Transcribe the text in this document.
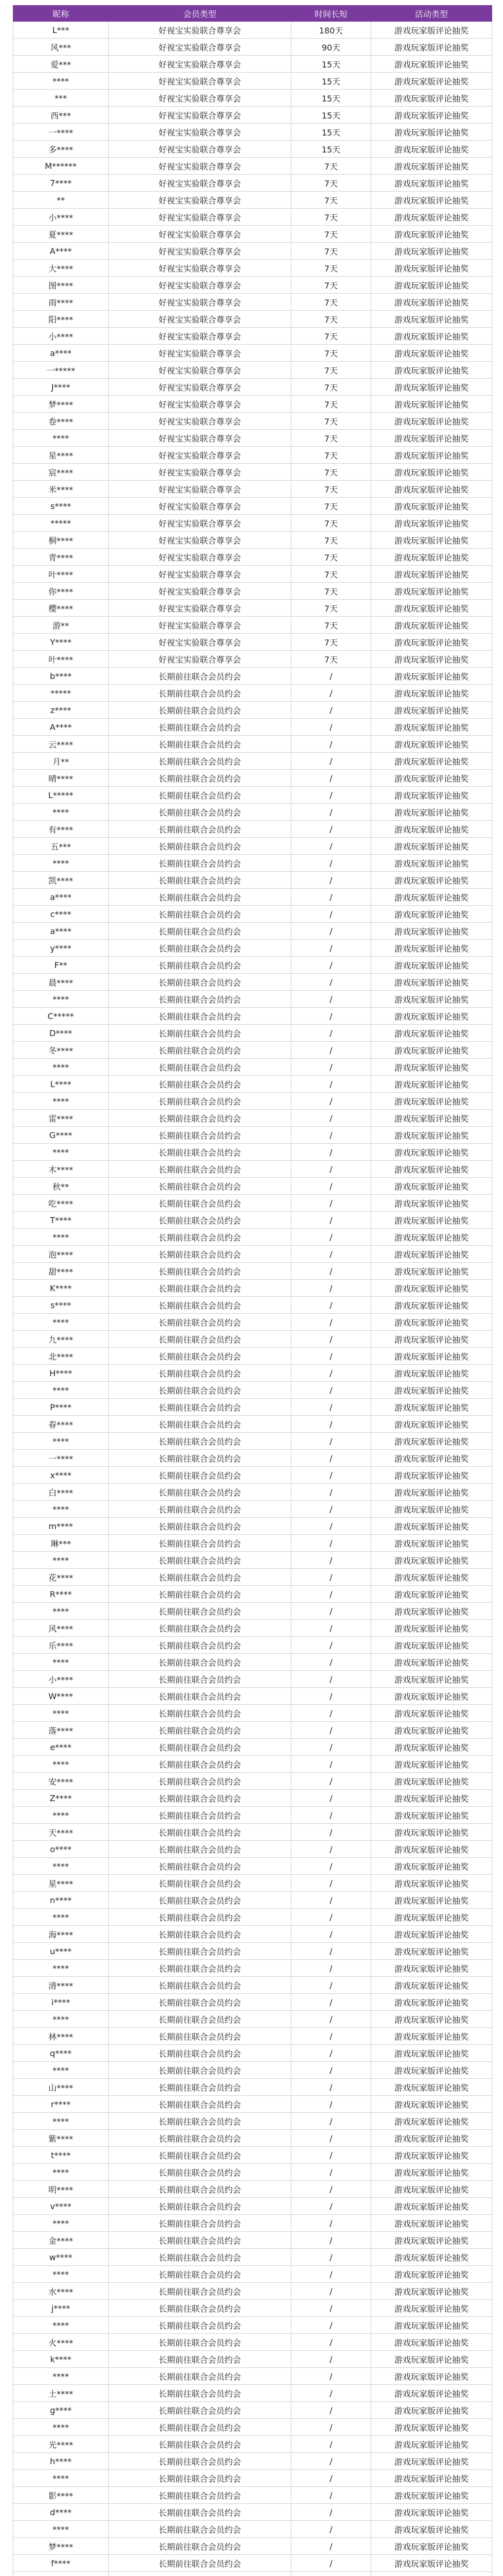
昵称	会员类型	时间长短	活动类型
L***	好视宝实验联合尊享会	180天	游戏玩家版评论抽奖
风***	好视宝实验联合尊享会	90天	游戏玩家版评论抽奖
爱***	好视宝实验联合尊享会	15天	游戏玩家版评论抽奖
****	好视宝实验联合尊享会	15天	游戏玩家版评论抽奖
***	好视宝实验联合尊享会	15天	游戏玩家版评论抽奖
西***	好视宝实验联合尊享会	15天	游戏玩家版评论抽奖
一****	好视宝实验联合尊享会	15天	游戏玩家版评论抽奖
多****	好视宝实验联合尊享会	15天	游戏玩家版评论抽奖
M******	好视宝实验联合尊享会	7天	游戏玩家版评论抽奖
7****	好视宝实验联合尊享会	7天	游戏玩家版评论抽奖
**	好视宝实验联合尊享会	7天	游戏玩家版评论抽奖
小****	好视宝实验联合尊享会	7天	游戏玩家版评论抽奖
夏****	好视宝实验联合尊享会	7天	游戏玩家版评论抽奖
A****	好视宝实验联合尊享会	7天	游戏玩家版评论抽奖
大****	好视宝实验联合尊享会	7天	游戏玩家版评论抽奖
图****	好视宝实验联合尊享会	7天	游戏玩家版评论抽奖
雨****	好视宝实验联合尊享会	7天	游戏玩家版评论抽奖
阳****	好视宝实验联合尊享会	7天	游戏玩家版评论抽奖
小****	好视宝实验联合尊享会	7天	游戏玩家版评论抽奖
a****	好视宝实验联合尊享会	7天	游戏玩家版评论抽奖
一*****	好视宝实验联合尊享会	7天	游戏玩家版评论抽奖
J****	好视宝实验联合尊享会	7天	游戏玩家版评论抽奖
梦****	好视宝实验联合尊享会	7天	游戏玩家版评论抽奖
卷****	好视宝实验联合尊享会	7天	游戏玩家版评论抽奖
****	好视宝实验联合尊享会	7天	游戏玩家版评论抽奖
星****	好视宝实验联合尊享会	7天	游戏玩家版评论抽奖
宸****	好视宝实验联合尊享会	7天	游戏玩家版评论抽奖
米****	好视宝实验联合尊享会	7天	游戏玩家版评论抽奖
s****	好视宝实验联合尊享会	7天	游戏玩家版评论抽奖
*****	好视宝实验联合尊享会	7天	游戏玩家版评论抽奖
桐****	好视宝实验联合尊享会	7天	游戏玩家版评论抽奖
青****	好视宝实验联合尊享会	7天	游戏玩家版评论抽奖
叶****	好视宝实验联合尊享会	7天	游戏玩家版评论抽奖
你****	好视宝实验联合尊享会	7天	游戏玩家版评论抽奖
樱****	好视宝实验联合尊享会	7天	游戏玩家版评论抽奖
游**	好视宝实验联合尊享会	7天	游戏玩家版评论抽奖
Y****	好视宝实验联合尊享会	7天	游戏玩家版评论抽奖
叶****	好视宝实验联合尊享会	7天	游戏玩家版评论抽奖
b****	长期前往联合会员约会	/	游戏玩家版评论抽奖
*****	长期前往联合会员约会	/	游戏玩家版评论抽奖
z****	长期前往联合会员约会	/	游戏玩家版评论抽奖
A****	长期前往联合会员约会	/	游戏玩家版评论抽奖
云****	长期前往联合会员约会	/	游戏玩家版评论抽奖
月**	长期前往联合会员约会	/	游戏玩家版评论抽奖
晴****	长期前往联合会员约会	/	游戏玩家版评论抽奖
L*****	长期前往联合会员约会	/	游戏玩家版评论抽奖
****	长期前往联合会员约会	/	游戏玩家版评论抽奖
有****	长期前往联合会员约会	/	游戏玩家版评论抽奖
五***	长期前往联合会员约会	/	游戏玩家版评论抽奖
****	长期前往联合会员约会	/	游戏玩家版评论抽奖
凯****	长期前往联合会员约会	/	游戏玩家版评论抽奖
a****	长期前往联合会员约会	/	游戏玩家版评论抽奖
c****	长期前往联合会员约会	/	游戏玩家版评论抽奖
a****	长期前往联合会员约会	/	游戏玩家版评论抽奖
y****	长期前往联合会员约会	/	游戏玩家版评论抽奖
F**	长期前往联合会员约会	/	游戏玩家版评论抽奖
晨****	长期前往联合会员约会	/	游戏玩家版评论抽奖
****	长期前往联合会员约会	/	游戏玩家版评论抽奖
C*****	长期前往联合会员约会	/	游戏玩家版评论抽奖
D****	长期前往联合会员约会	/	游戏玩家版评论抽奖
冬****	长期前往联合会员约会	/	游戏玩家版评论抽奖
****	长期前往联合会员约会	/	游戏玩家版评论抽奖
L****	长期前往联合会员约会	/	游戏玩家版评论抽奖
****	长期前往联合会员约会	/	游戏玩家版评论抽奖
雷****	长期前往联合会员约会	/	游戏玩家版评论抽奖
G****	长期前往联合会员约会	/	游戏玩家版评论抽奖
****	长期前往联合会员约会	/	游戏玩家版评论抽奖
木****	长期前往联合会员约会	/	游戏玩家版评论抽奖
秋**	长期前往联合会员约会	/	游戏玩家版评论抽奖
吃****	长期前往联合会员约会	/	游戏玩家版评论抽奖
T****	长期前往联合会员约会	/	游戏玩家版评论抽奖
****	长期前往联合会员约会	/	游戏玩家版评论抽奖
泡****	长期前往联合会员约会	/	游戏玩家版评论抽奖
甜****	长期前往联合会员约会	/	游戏玩家版评论抽奖
K****	长期前往联合会员约会	/	游戏玩家版评论抽奖
s****	长期前往联合会员约会	/	游戏玩家版评论抽奖
****	长期前往联合会员约会	/	游戏玩家版评论抽奖
九****	长期前往联合会员约会	/	游戏玩家版评论抽奖
北****	长期前往联合会员约会	/	游戏玩家版评论抽奖
H****	长期前往联合会员约会	/	游戏玩家版评论抽奖
****	长期前往联合会员约会	/	游戏玩家版评论抽奖
P****	长期前往联合会员约会	/	游戏玩家版评论抽奖
春****	长期前往联合会员约会	/	游戏玩家版评论抽奖
****	长期前往联合会员约会	/	游戏玩家版评论抽奖
一****	长期前往联合会员约会	/	游戏玩家版评论抽奖
x****	长期前往联合会员约会	/	游戏玩家版评论抽奖
白****	长期前往联合会员约会	/	游戏玩家版评论抽奖
****	长期前往联合会员约会	/	游戏玩家版评论抽奖
m****	长期前往联合会员约会	/	游戏玩家版评论抽奖
琳***	长期前往联合会员约会	/	游戏玩家版评论抽奖
****	长期前往联合会员约会	/	游戏玩家版评论抽奖
花****	长期前往联合会员约会	/	游戏玩家版评论抽奖
R****	长期前往联合会员约会	/	游戏玩家版评论抽奖
****	长期前往联合会员约会	/	游戏玩家版评论抽奖
风****	长期前往联合会员约会	/	游戏玩家版评论抽奖
乐****	长期前往联合会员约会	/	游戏玩家版评论抽奖
****	长期前往联合会员约会	/	游戏玩家版评论抽奖
小****	长期前往联合会员约会	/	游戏玩家版评论抽奖
W****	长期前往联合会员约会	/	游戏玩家版评论抽奖
****	长期前往联合会员约会	/	游戏玩家版评论抽奖
落****	长期前往联合会员约会	/	游戏玩家版评论抽奖
e****	长期前往联合会员约会	/	游戏玩家版评论抽奖
****	长期前往联合会员约会	/	游戏玩家版评论抽奖
安****	长期前往联合会员约会	/	游戏玩家版评论抽奖
Z****	长期前往联合会员约会	/	游戏玩家版评论抽奖
****	长期前往联合会员约会	/	游戏玩家版评论抽奖
天****	长期前往联合会员约会	/	游戏玩家版评论抽奖
o****	长期前往联合会员约会	/	游戏玩家版评论抽奖
****	长期前往联合会员约会	/	游戏玩家版评论抽奖
星****	长期前往联合会员约会	/	游戏玩家版评论抽奖
n****	长期前往联合会员约会	/	游戏玩家版评论抽奖
****	长期前往联合会员约会	/	游戏玩家版评论抽奖
海****	长期前往联合会员约会	/	游戏玩家版评论抽奖
u****	长期前往联合会员约会	/	游戏玩家版评论抽奖
****	长期前往联合会员约会	/	游戏玩家版评论抽奖
清****	长期前往联合会员约会	/	游戏玩家版评论抽奖
i****	长期前往联合会员约会	/	游戏玩家版评论抽奖
****	长期前往联合会员约会	/	游戏玩家版评论抽奖
林****	长期前往联合会员约会	/	游戏玩家版评论抽奖
q****	长期前往联合会员约会	/	游戏玩家版评论抽奖
****	长期前往联合会员约会	/	游戏玩家版评论抽奖
山****	长期前往联合会员约会	/	游戏玩家版评论抽奖
r****	长期前往联合会员约会	/	游戏玩家版评论抽奖
****	长期前往联合会员约会	/	游戏玩家版评论抽奖
紫****	长期前往联合会员约会	/	游戏玩家版评论抽奖
t****	长期前往联合会员约会	/	游戏玩家版评论抽奖
****	长期前往联合会员约会	/	游戏玩家版评论抽奖
明****	长期前往联合会员约会	/	游戏玩家版评论抽奖
v****	长期前往联合会员约会	/	游戏玩家版评论抽奖
****	长期前往联合会员约会	/	游戏玩家版评论抽奖
金****	长期前往联合会员约会	/	游戏玩家版评论抽奖
w****	长期前往联合会员约会	/	游戏玩家版评论抽奖
****	长期前往联合会员约会	/	游戏玩家版评论抽奖
水****	长期前往联合会员约会	/	游戏玩家版评论抽奖
j****	长期前往联合会员约会	/	游戏玩家版评论抽奖
****	长期前往联合会员约会	/	游戏玩家版评论抽奖
火****	长期前往联合会员约会	/	游戏玩家版评论抽奖
k****	长期前往联合会员约会	/	游戏玩家版评论抽奖
****	长期前往联合会员约会	/	游戏玩家版评论抽奖
土****	长期前往联合会员约会	/	游戏玩家版评论抽奖
g****	长期前往联合会员约会	/	游戏玩家版评论抽奖
****	长期前往联合会员约会	/	游戏玩家版评论抽奖
光****	长期前往联合会员约会	/	游戏玩家版评论抽奖
h****	长期前往联合会员约会	/	游戏玩家版评论抽奖
****	长期前往联合会员约会	/	游戏玩家版评论抽奖
影****	长期前往联合会员约会	/	游戏玩家版评论抽奖
d****	长期前往联合会员约会	/	游戏玩家版评论抽奖
****	长期前往联合会员约会	/	游戏玩家版评论抽奖
梦****	长期前往联合会员约会	/	游戏玩家版评论抽奖
f****	长期前往联合会员约会	/	游戏玩家版评论抽奖
